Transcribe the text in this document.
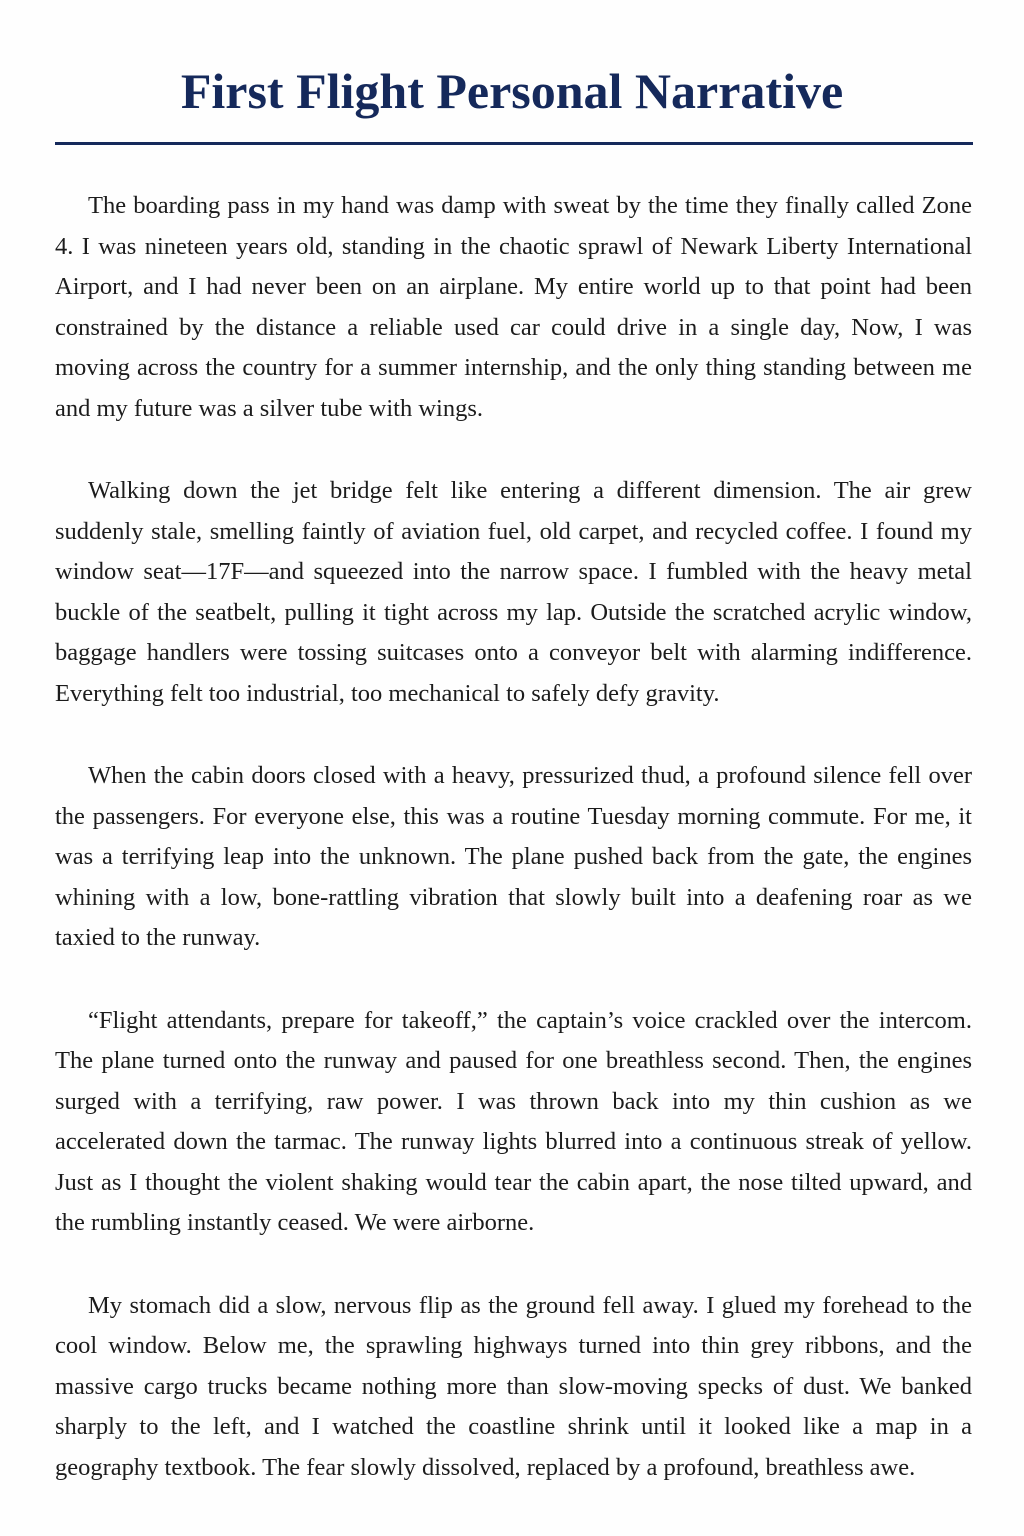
First Flight Personal Narrative

The boarding pass in my hand was damp with sweat by the time they finally called Zone 4. I was nineteen years old, standing in the chaotic sprawl of Newark Liberty International Airport, and I had never been on an airplane. My entire world up to that point had been constrained by the distance a reliable used car could drive in a single day, Now, I was moving across the country for a summer internship, and the only thing standing between me and my future was a silver tube with wings.

Walking down the jet bridge felt like entering a different dimension. The air grew suddenly stale, smelling faintly of aviation fuel, old carpet, and recycled coffee. I found my window seat—17F—and squeezed into the narrow space. I fumbled with the heavy metal buckle of the seatbelt, pulling it tight across my lap. Outside the scratched acrylic window, baggage handlers were tossing suitcases onto a conveyor belt with alarming indifference. Everything felt too industrial, too mechanical to safely defy gravity.

When the cabin doors closed with a heavy, pressurized thud, a profound silence fell over the passengers. For everyone else, this was a routine Tuesday morning commute. For me, it was a terrifying leap into the unknown. The plane pushed back from the gate, the engines whining with a low, bone-rattling vibration that slowly built into a deafening roar as we taxied to the runway.

“Flight attendants, prepare for takeoff,” the captain’s voice crackled over the intercom. The plane turned onto the runway and paused for one breathless second. Then, the engines surged with a terrifying, raw power. I was thrown back into my thin cushion as we accelerated down the tarmac. The runway lights blurred into a continuous streak of yellow. Just as I thought the violent shaking would tear the cabin apart, the nose tilted upward, and the rumbling instantly ceased. We were airborne.

My stomach did a slow, nervous flip as the ground fell away. I glued my forehead to the cool window. Below me, the sprawling highways turned into thin grey ribbons, and the massive cargo trucks became nothing more than slow-moving specks of dust. We banked sharply to the left, and I watched the coastline shrink until it looked like a map in a geography textbook. The fear slowly dissolved, replaced by a profound, breathless awe.
